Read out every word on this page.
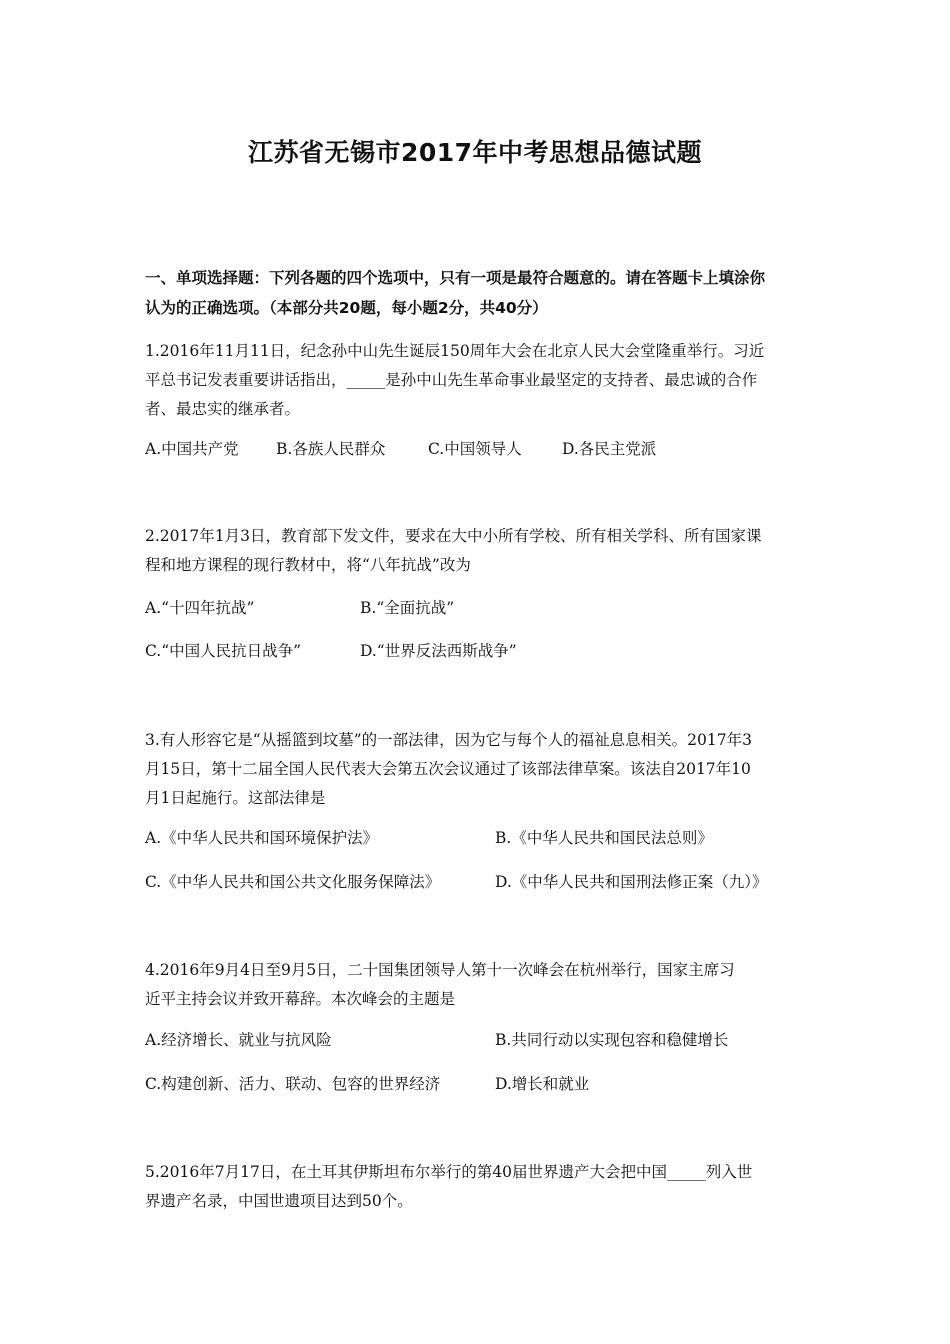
江苏省无锡市2017年中考思想品德试题
一、单项选择题：下列各题的四个选项中，只有一项是最符合题意的。请在答题卡上填涂你
认为的正确选项。（本部分共20题，每小题2分，共40分）
1.2016年11月11日，纪念孙中山先生诞辰150周年大会在北京人民大会堂隆重举行。习近
平总书记发表重要讲话指出，_____是孙中山先生革命事业最坚定的支持者、最忠诚的合作
者、最忠实的继承者。
A.中国共产党 B.各族人民群众	C.中国领导人	D.各民主党派
2.2017年1月3日，教育部下发文件，要求在大中小所有学校、所有相关学科、所有国家课
程和地方课程的现行教材中，将“八年抗战”改为
A.“十四年抗战”	B.“全面抗战”
C.“中国人民抗日战争”	D.“世界反法西斯战争”
3.有人形容它是“从摇篮到坟墓”的一部法律，因为它与每个人的福祉息息相关。2017年3
月15日，第十二届全国人民代表大会第五次会议通过了该部法律草案。该法自2017年10
月1日起施行。这部法律是
A.《中华人民共和国环境保护法》	B.《中华人民共和国民法总则》
C.《中华人民共和国公共文化服务保障法》	D.《中华人民共和国刑法修正案（九）》
4.2016年9月4日至9月5日，二十国集团领导人第十一次峰会在杭州举行，国家主席习
近平主持会议并致开幕辞。本次峰会的主题是
A.经济增长、就业与抗风险	B.共同行动以实现包容和稳健增长
C.构建创新、活力、联动、包容的世界经济	D.增长和就业
5.2016年7月17日，在土耳其伊斯坦布尔举行的第40届世界遗产大会把中国_____列入世
界遗产名录，中国世遗项目达到50个。
